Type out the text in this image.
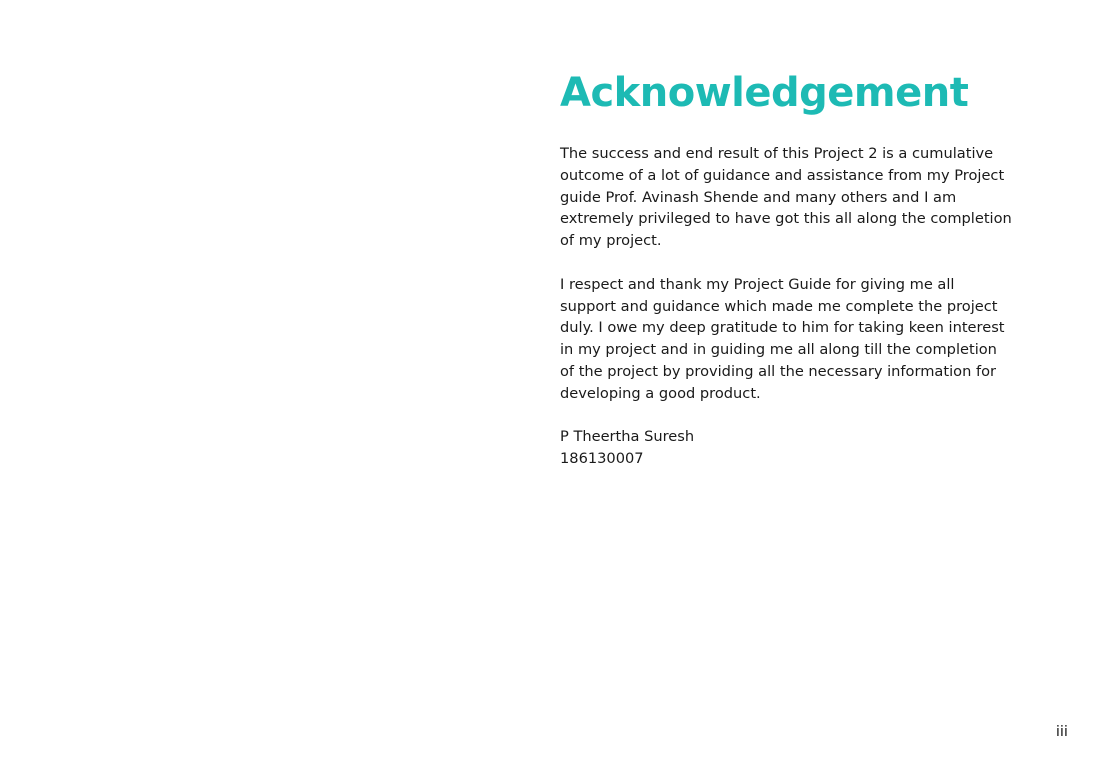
Acknowledgement

The success and end result of this Project 2 is a cumulative outcome of a lot of guidance and assistance from my Project guide Prof. Avinash Shende and many others and I am extremely privileged to have got this all along the completion of my project.

I respect and thank my Project Guide for giving me all support and guidance which made me complete the project duly. I owe my deep gratitude to him for taking keen interest in my project and in guiding me all along till the completion of the project by providing all the necessary information for developing a good product.

P Theertha Suresh
186130007
iii
